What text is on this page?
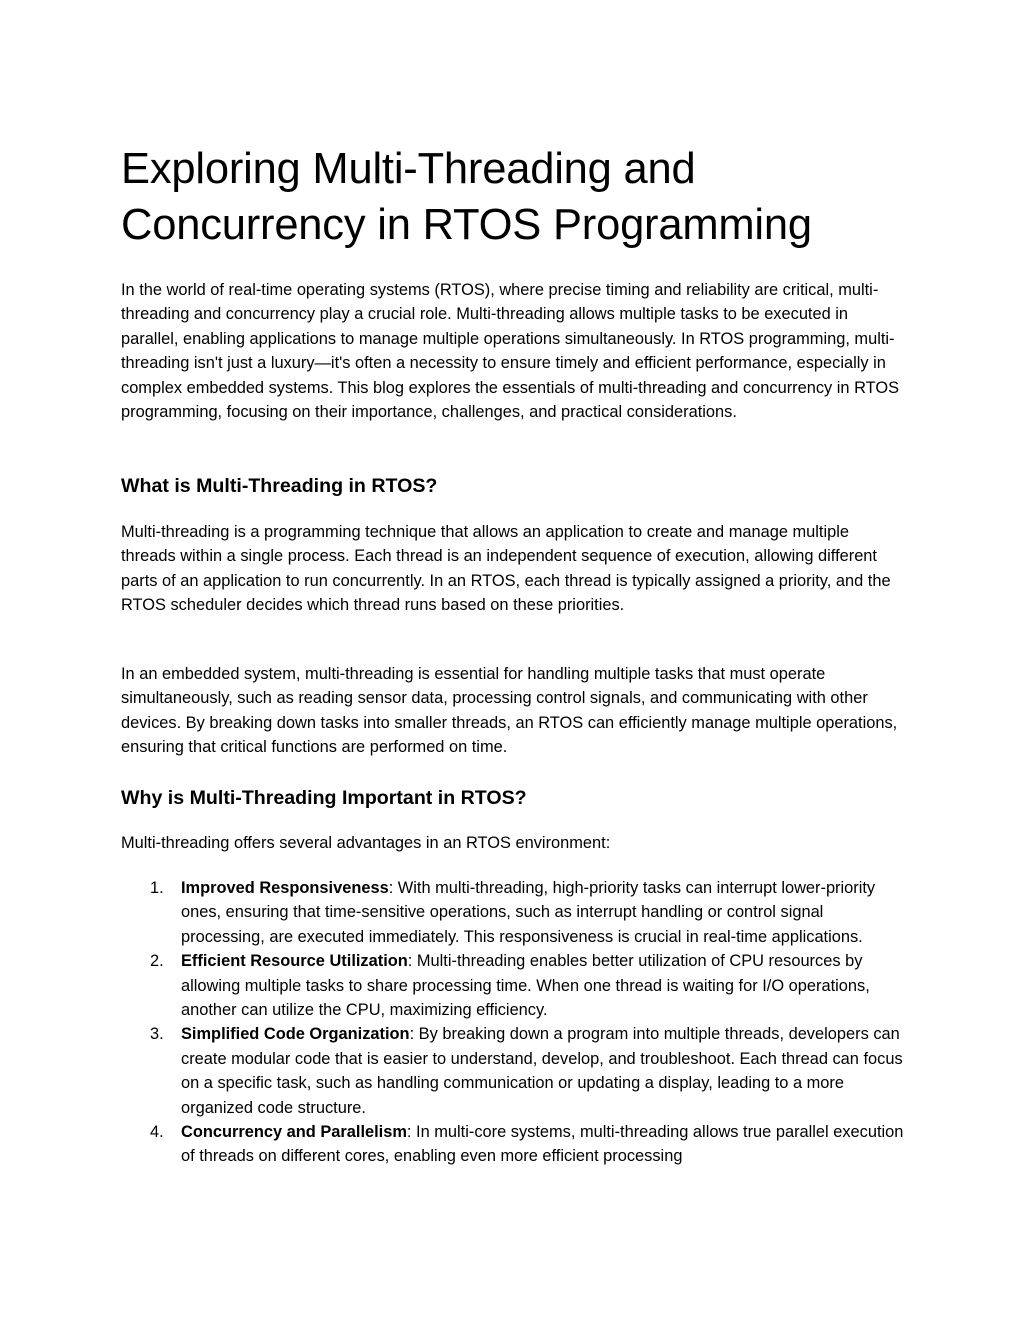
Exploring Multi-Threading and Concurrency in RTOS Programming

In the world of real-time operating systems (RTOS), where precise timing and reliability are critical, multi-threading and concurrency play a crucial role. Multi-threading allows multiple tasks to be executed in parallel, enabling applications to manage multiple operations simultaneously. In RTOS programming, multi-threading isn't just a luxury—it's often a necessity to ensure timely and efficient performance, especially in complex embedded systems. This blog explores the essentials of multi-threading and concurrency in RTOS programming, focusing on their importance, challenges, and practical considerations.

What is Multi-Threading in RTOS?

Multi-threading is a programming technique that allows an application to create and manage multiple threads within a single process. Each thread is an independent sequence of execution, allowing different parts of an application to run concurrently. In an RTOS, each thread is typically assigned a priority, and the RTOS scheduler decides which thread runs based on these priorities.

In an embedded system, multi-threading is essential for handling multiple tasks that must operate simultaneously, such as reading sensor data, processing control signals, and communicating with other devices. By breaking down tasks into smaller threads, an RTOS can efficiently manage multiple operations, ensuring that critical functions are performed on time.

Why is Multi-Threading Important in RTOS?

Multi-threading offers several advantages in an RTOS environment:

1. Improved Responsiveness: With multi-threading, high-priority tasks can interrupt lower-priority ones, ensuring that time-sensitive operations, such as interrupt handling or control signal processing, are executed immediately. This responsiveness is crucial in real-time applications.
2. Efficient Resource Utilization: Multi-threading enables better utilization of CPU resources by allowing multiple tasks to share processing time. When one thread is waiting for I/O operations, another can utilize the CPU, maximizing efficiency.
3. Simplified Code Organization: By breaking down a program into multiple threads, developers can create modular code that is easier to understand, develop, and troubleshoot. Each thread can focus on a specific task, such as handling communication or updating a display, leading to a more organized code structure.
4. Concurrency and Parallelism: In multi-core systems, multi-threading allows true parallel execution of threads on different cores, enabling even more efficient processing
